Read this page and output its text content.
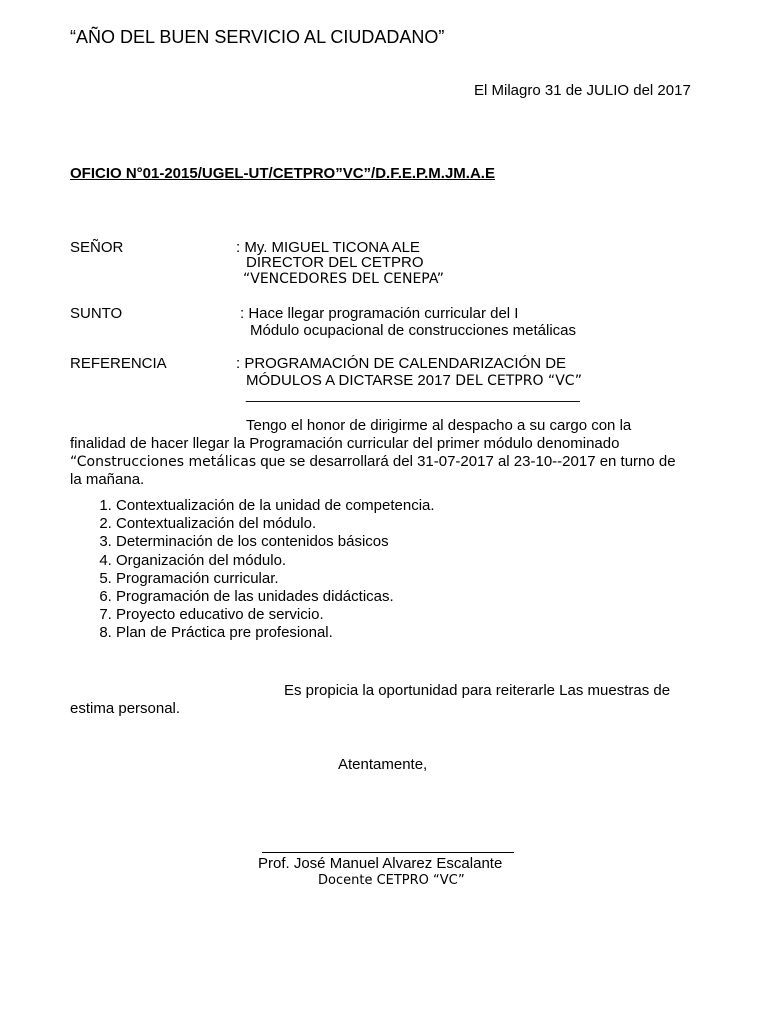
“AÑO DEL BUEN SERVICIO AL CIUDADANO”
El Milagro 31 de JULIO del 2017
OFICIO N°01-2015/UGEL-UT/CETPRO”VC”/D.F.E.P.M.JM.A.E
SEÑOR	: My. MIGUEL TICONA ALE
DIRECTOR DEL CETPRO
“VENCEDORES DEL CENEPA”
SUNTO	: Hace llegar programación curricular del I
Módulo ocupacional de construcciones metálicas
REFERENCIA	: PROGRAMACIÓN DE CALENDARIZACIÓN DE
MÓDULOS A DICTARSE 2017 DEL CETPRO “VC”
________________________________________
Tengo el honor de dirigirme al despacho a su cargo con la
finalidad de hacer llegar la Programación curricular del primer módulo denominado
“Construcciones metálicas que se desarrollará del 31-07-2017 al 23-10--2017 en turno de
la mañana.
1. Contextualización de la unidad de competencia.
2. Contextualización del módulo.
3. Determinación de los contenidos básicos
4. Organización del módulo.
5. Programación curricular.
6. Programación de las unidades didácticas.
7. Proyecto educativo de servicio.
8. Plan de Práctica pre profesional.
Es propicia la oportunidad para reiterarle Las muestras de
estima personal.
Atentamente,
Prof. José Manuel Alvarez Escalante
Docente CETPRO “VC”
